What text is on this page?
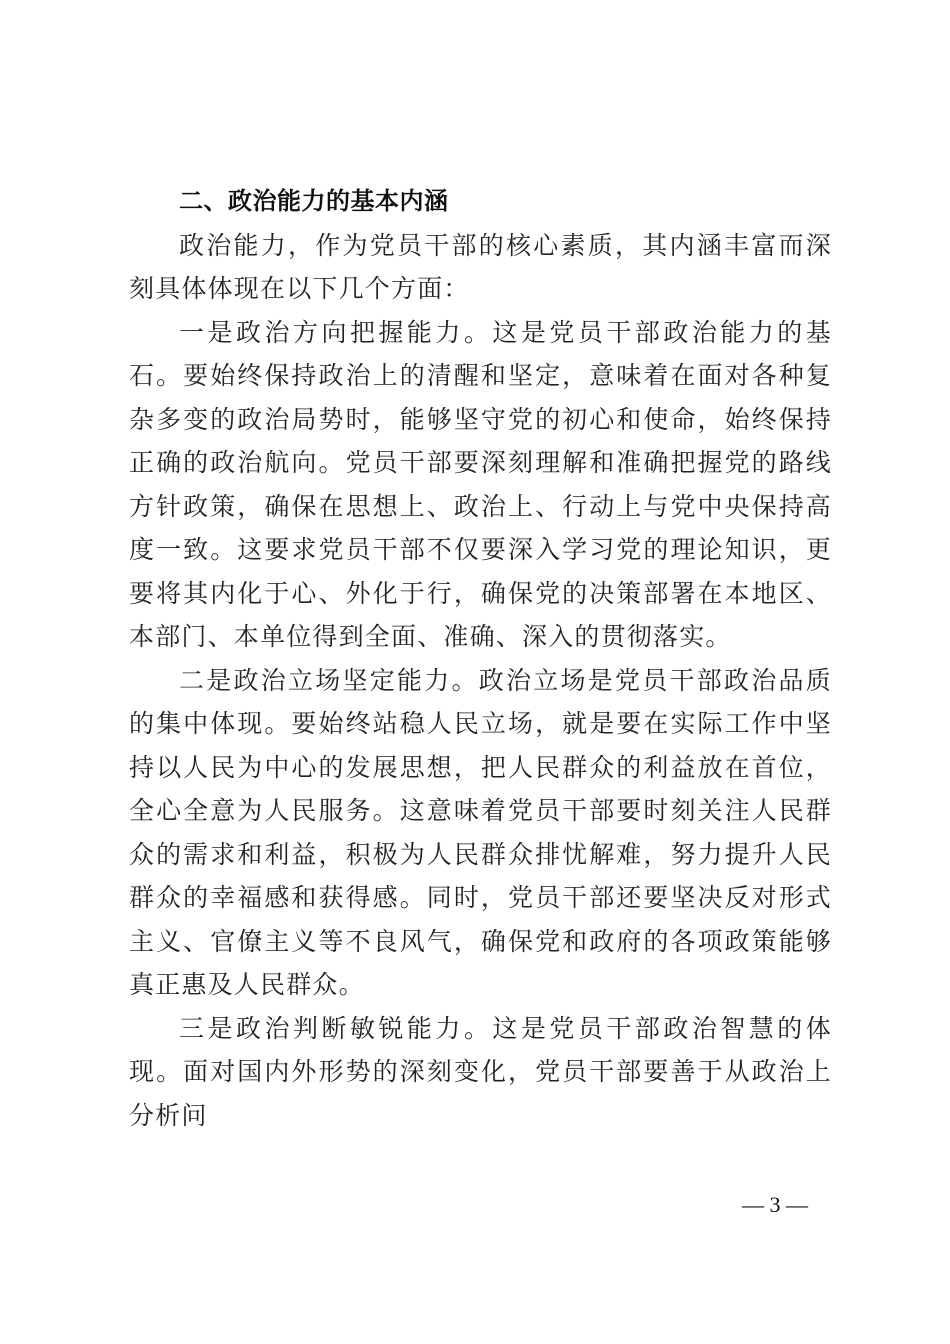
二、政治能力的基本内涵

政治能力，作为党员干部的核心素质，其内涵丰富而深刻具体体现在以下几个方面：

一是政治方向把握能力。这是党员干部政治能力的基石。要始终保持政治上的清醒和坚定，意味着在面对各种复杂多变的政治局势时，能够坚守党的初心和使命，始终保持正确的政治航向。党员干部要深刻理解和准确把握党的路线方针政策，确保在思想上、政治上、行动上与党中央保持高度一致。这要求党员干部不仅要深入学习党的理论知识，更要将其内化于心、外化于行，确保党的决策部署在本地区、本部门、本单位得到全面、准确、深入的贯彻落实。

二是政治立场坚定能力。政治立场是党员干部政治品质的集中体现。要始终站稳人民立场，就是要在实际工作中坚持以人民为中心的发展思想，把人民群众的利益放在首位，全心全意为人民服务。这意味着党员干部要时刻关注人民群众的需求和利益，积极为人民群众排忧解难，努力提升人民群众的幸福感和获得感。同时，党员干部还要坚决反对形式主义、官僚主义等不良风气，确保党和政府的各项政策能够真正惠及人民群众。

三是政治判断敏锐能力。这是党员干部政治智慧的体现。面对国内外形势的深刻变化，党员干部要善于从政治上分析问

— 3 —
